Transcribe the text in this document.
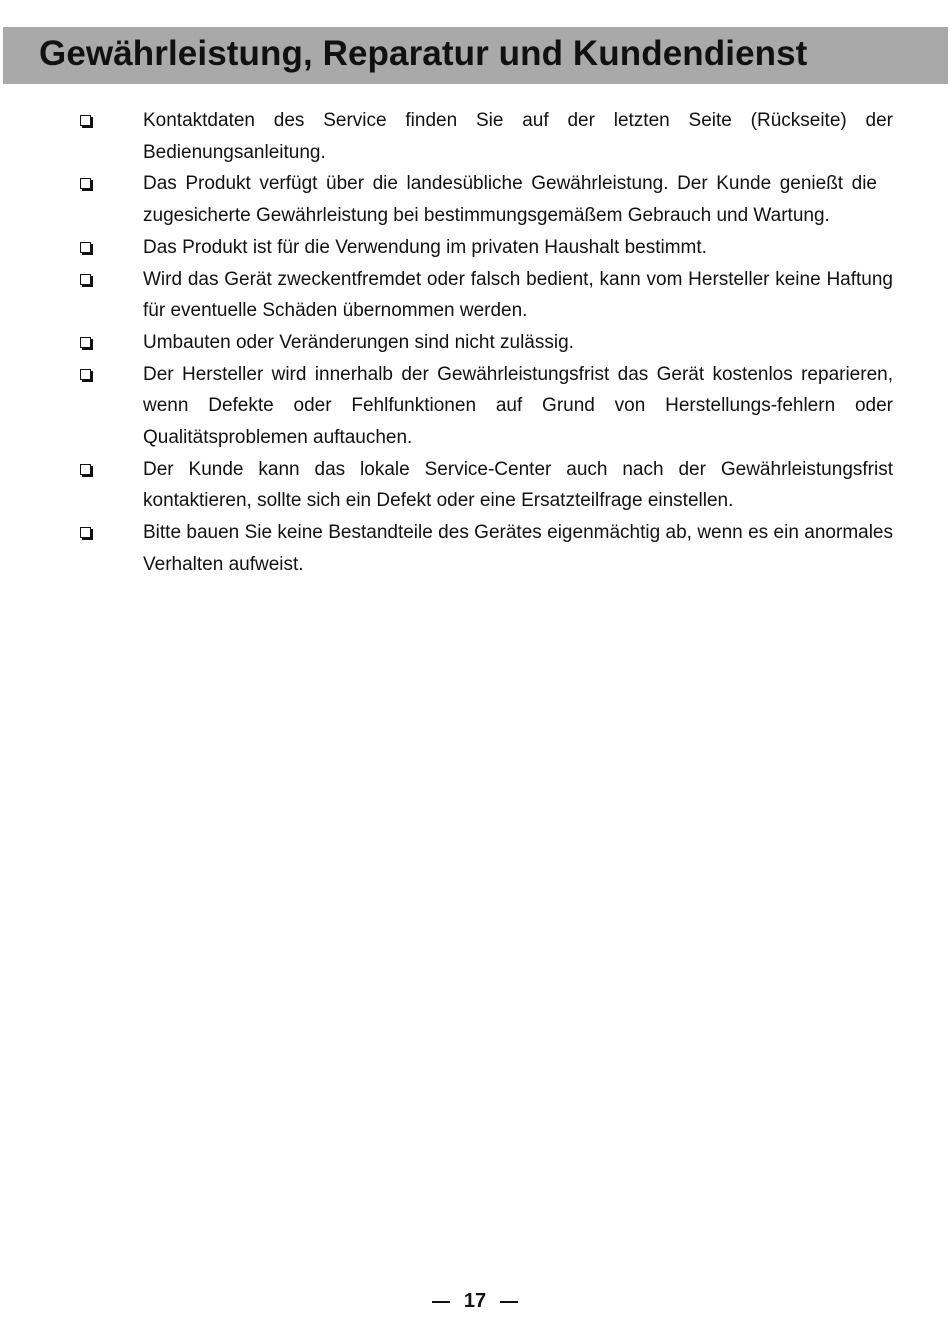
Gewährleistung, Reparatur und Kundendienst
Kontaktdaten des Service finden Sie auf der letzten Seite (Rückseite) der Bedienungsanleitung.
Das Produkt verfügt über die landesübliche Gewährleistung. Der Kunde genießt die zugesicherte Gewährleistung bei bestimmungsgemäßem Gebrauch und Wartung.
Das Produkt ist für die Verwendung im privaten Haushalt bestimmt.
Wird das Gerät zweckentfremdet oder falsch bedient, kann vom Hersteller keine Haftung für eventuelle Schäden übernommen werden.
Umbauten oder Veränderungen sind nicht zulässig.
Der Hersteller wird innerhalb der Gewährleistungsfrist das Gerät kostenlos reparieren, wenn Defekte oder Fehlfunktionen auf Grund von Herstellungs-fehlern oder Qualitätsproblemen auftauchen.
Der Kunde kann das lokale Service-Center auch nach der Gewährleistungsfrist kontaktieren, sollte sich ein Defekt oder eine Ersatzteilfrage einstellen.
Bitte bauen Sie keine Bestandteile des Gerätes eigenmächtig ab, wenn es ein anormales Verhalten aufweist.
17
